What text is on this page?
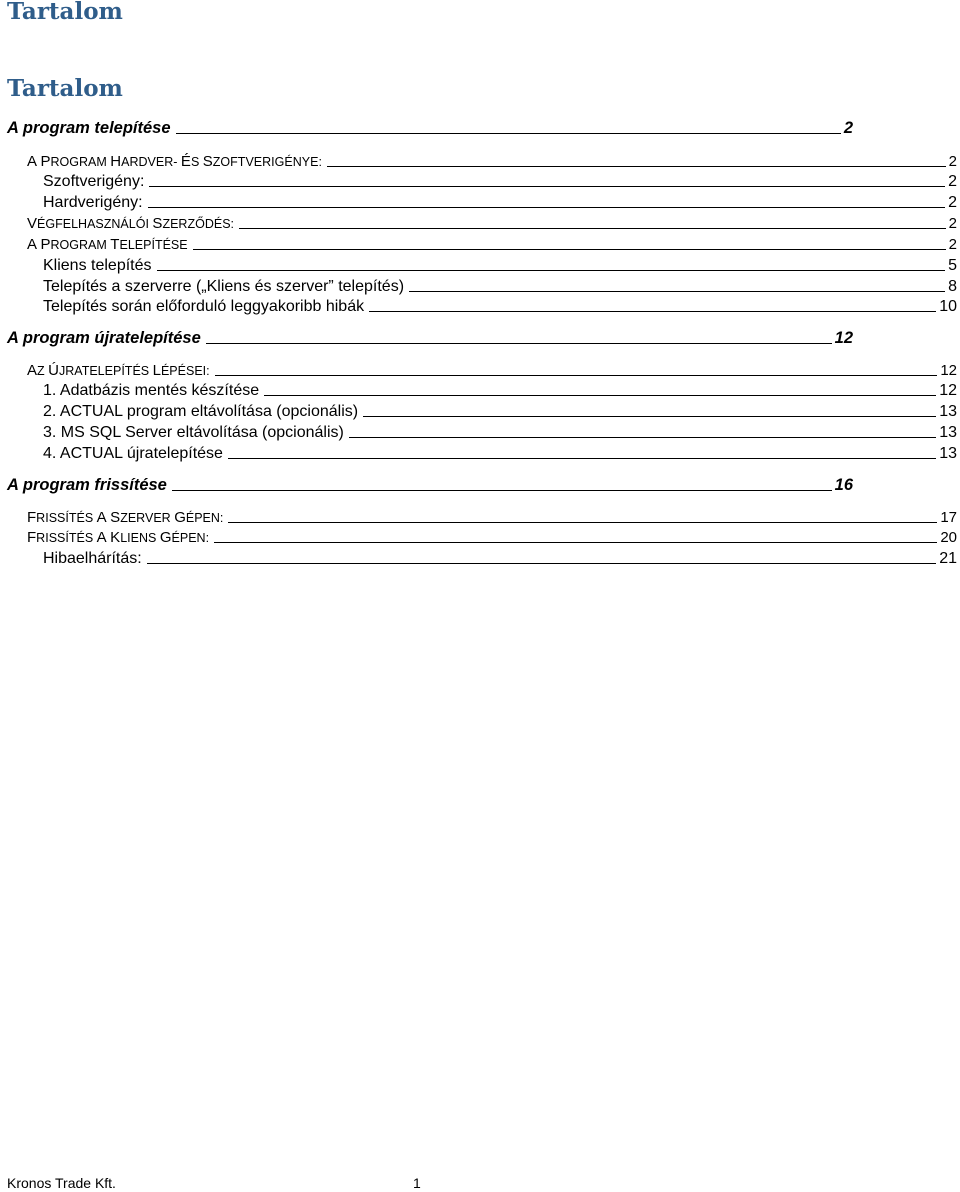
Tartalom
Tartalom
A program telepítése	2
A PROGRAM HARDVER- ÉS SZOFTVERIGÉNYE:	2
Szoftverigény:	2
Hardverigény:	2
VÉGFELHASZNÁLÓI SZERZŐDÉS:	2
A PROGRAM TELEPÍTÉSE	2
Kliens telepítés	5
Telepítés a szerverre („Kliens és szerver” telepítés)	8
Telepítés során előforduló leggyakoribb hibák	10
A program újratelepítése	12
AZ ÚJRATELEPÍTÉS LÉPÉSEI:	12
1. Adatbázis mentés készítése	12
2. ACTUAL program eltávolítása (opcionális)	13
3. MS SQL Server eltávolítása (opcionális)	13
4. ACTUAL újratelepítése	13
A program frissítése	16
FRISSÍTÉS A SZERVER GÉPEN:	17
FRISSÍTÉS A KLIENS GÉPEN:	20
Hibaelhárítás:	21
Kronos Trade Kft.	1
